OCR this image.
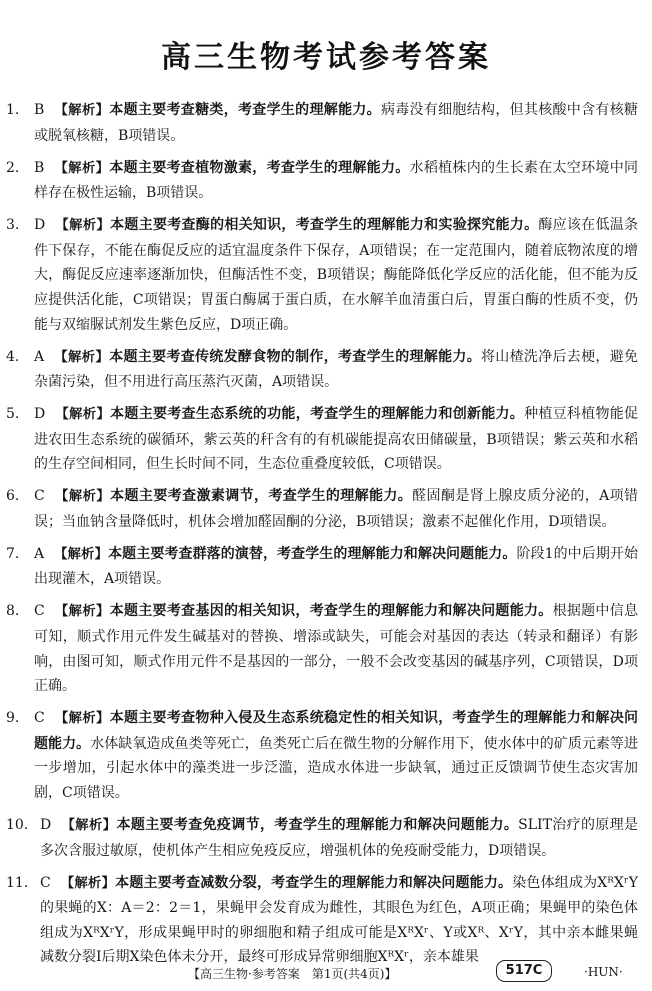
高三生物考试参考答案
1. B 【解析】本题主要考查糖类，考查学生的理解能力。病毒没有细胞结构，但其核酸中含有核糖或脱氧核糖，B项错误。
2. B 【解析】本题主要考查植物激素，考查学生的理解能力。水稻植株内的生长素在太空环境中同样存在极性运输，B项错误。
3. D 【解析】本题主要考查酶的相关知识，考查学生的理解能力和实验探究能力。酶应该在低温条件下保存，不能在酶促反应的适宜温度条件下保存，A项错误；在一定范围内，随着底物浓度的增大，酶促反应速率逐渐加快，但酶活性不变，B项错误；酶能降低化学反应的活化能，但不能为反应提供活化能，C项错误；胃蛋白酶属于蛋白质，在水解羊血清蛋白后，胃蛋白酶的性质不变，仍能与双缩脲试剂发生紫色反应，D项正确。
4. A 【解析】本题主要考查传统发酵食物的制作，考查学生的理解能力。将山楂洗净后去梗，避免杂菌污染，但不用进行高压蒸汽灭菌，A项错误。
5. D 【解析】本题主要考查生态系统的功能，考查学生的理解能力和创新能力。种植豆科植物能促进农田生态系统的碳循环，紫云英的秆含有的有机碳能提高农田储碳量，B项错误；紫云英和水稻的生存空间相同，但生长时间不同，生态位重叠度较低，C项错误。
6. C 【解析】本题主要考查激素调节，考查学生的理解能力。醛固酮是肾上腺皮质分泌的，A项错误；当血钠含量降低时，机体会增加醛固酮的分泌，B项错误；激素不起催化作用，D项错误。
7. A 【解析】本题主要考查群落的演替，考查学生的理解能力和解决问题能力。阶段1的中后期开始出现灌木，A项错误。
8. C 【解析】本题主要考查基因的相关知识，考查学生的理解能力和解决问题能力。根据题中信息可知，顺式作用元件发生碱基对的替换、增添或缺失，可能会对基因的表达（转录和翻译）有影响，由图可知，顺式作用元件不是基因的一部分，一般不会改变基因的碱基序列，C项错误，D项正确。
9. C 【解析】本题主要考查物种入侵及生态系统稳定性的相关知识，考查学生的理解能力和解决问题能力。水体缺氧造成鱼类等死亡，鱼类死亡后在微生物的分解作用下，使水体中的矿质元素等进一步增加，引起水体中的藻类进一步泛滥，造成水体进一步缺氧，通过正反馈调节使生态灾害加剧，C项错误。
10. D 【解析】本题主要考查免疫调节，考查学生的理解能力和解决问题能力。SLIT治疗的原理是多次含服过敏原，使机体产生相应免疫反应，增强机体的免疫耐受能力，D项错误。
11. C 【解析】本题主要考查减数分裂，考查学生的理解能力和解决问题能力。染色体组成为XᴿXʳY的果蝇的X：A＝2：2＝1，果蝇甲会发育成为雌性，其眼色为红色，A项正确；果蝇甲的染色体组成为XᴿXʳY，形成果蝇甲时的卵细胞和精子组成可能是XᴿXʳ、Y或Xᴿ、XʳY，其中亲本雌果蝇减数分裂Ⅰ后期X染色体未分开，最终可形成异常卵细胞XᴿXʳ，亲本雄果
【高三生物·参考答案　第1页(共4页)】	517C	·HUN·
